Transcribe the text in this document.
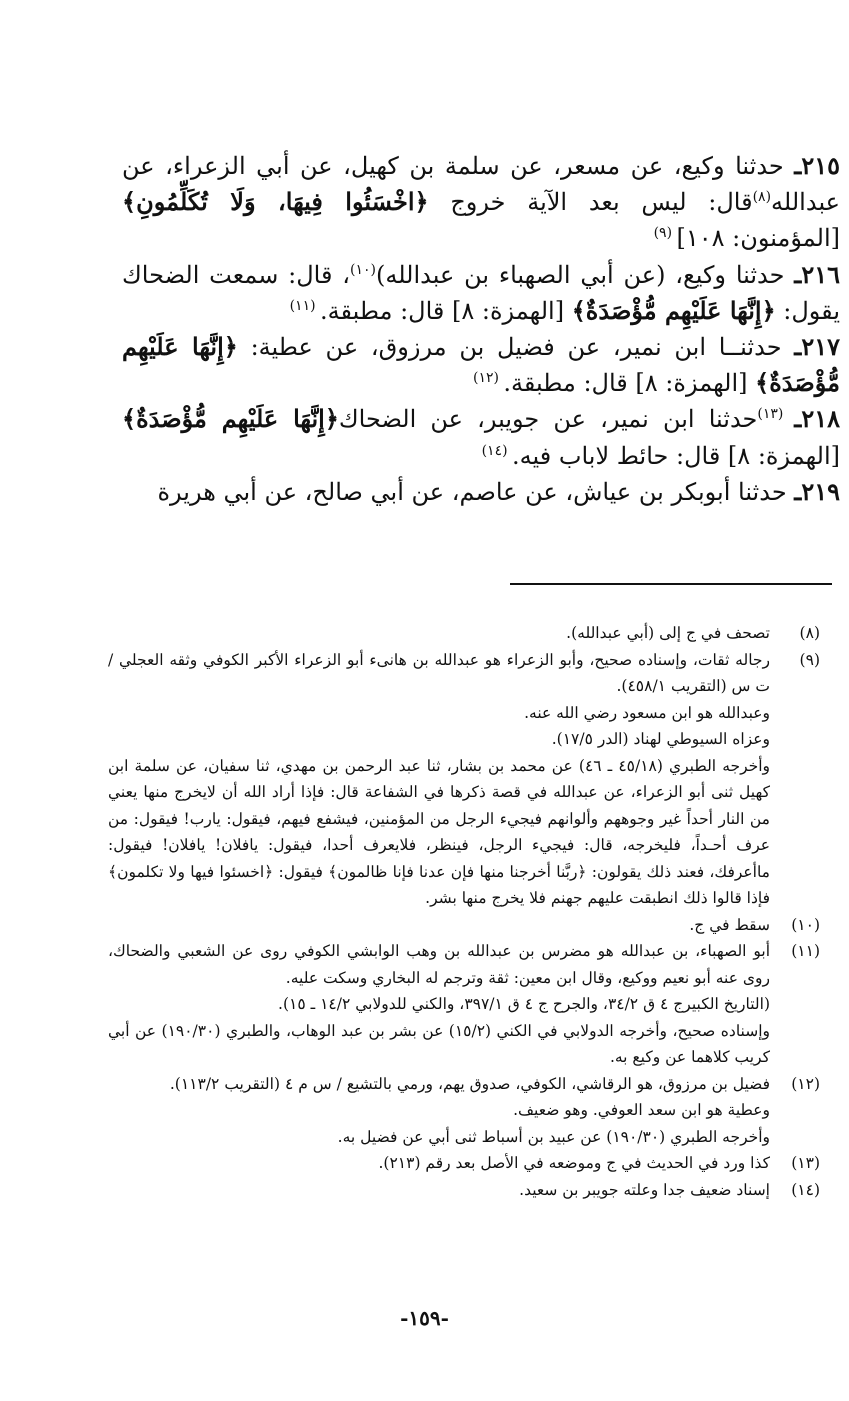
٢١٥ـ حدثنا وكيع، عن مسعر، عن سلمة بن كهيل، عن أبي الزعراء، عن عبدالله$^{(٨)}$قال: ليس بعد الآية خروج ﴿اخْسَئُوا فِيهَا، وَلَا تُكَلِّمُونِ﴾ [المؤمنون: ١٠٨] $^{(٩)}$

٢١٦ـ حدثنا وكيع، (عن أبي الصهباء بن عبدالله)$^{(١٠)}$، قال: سمعت الضحاك يقول: ﴿إِنَّهَا عَلَيْهِم مُّؤْصَدَةٌ﴾ [الهمزة: ٨] قال: مطبقة. $^{(١١)}$

٢١٧ـ حدثنــا ابن نمير، عن فضيل بن مرزوق، عن عطية: ﴿إِنَّهَا عَلَيْهِم مُّؤْصَدَةٌ﴾ [الهمزة: ٨] قال: مطبقة. $^{(١٢)}$

٢١٨ـ $^{(١٣)}$حدثنا ابن نمير، عن جويبر، عن الضحاك﴿إِنَّهَا عَلَيْهِم مُّؤْصَدَةٌ﴾ [الهمزة: ٨] قال: حائط لاباب فيه. $^{(١٤)}$

٢١٩ـ حدثنا أبوبكر بن عياش، عن عاصم، عن أبي صالح، عن أبي هريرة

(٨)
تصحف في ج إلى (أبي عبدالله).
(٩)
رجاله ثقات، وإسناده صحيح، وأبو الزعراء هو عبدالله بن هانىء أبو الزعراء الأكبر الكوفي وثقه العجلي / ت س (التقريب ٤٥٨/١).
وعبدالله هو ابن مسعود رضي الله عنه.
وعزاه السيوطي لهناد (الدر ١٧/٥).
وأخرجه الطبري (٤٥/١٨ ـ ٤٦) عن محمد بن بشار، ثنا عبد الرحمن بن مهدي، ثنا سفيان، عن سلمة ابن كهيل ثنى أبو الزعراء، عن عبدالله في قصة ذكرها في الشفاعة قال: فإذا أراد الله أن لايخرج منها يعني من النار أحداً غير وجوههم وألوانهم فيجيء الرجل من المؤمنين، فيشفع فيهم، فيقول: يارب! فيقول: من عرف أحـداً، فليخرجه، قال: فيجيء الرجل، فينظر، فلايعرف أحدا، فيقول: يافلان! يافلان! فيقول: ماأعرفك، فعند ذلك يقولون: ﴿ربَّنا أخرجنا منها فإن عدنا فإنا ظالمون﴾ فيقول: ﴿اخسئوا فيها ولا تكلمون﴾ فإذا قالوا ذلك انطبقت عليهم جهنم فلا يخرج منها بشر.
(١٠)
سقط في ج.
(١١)
أبو الصهباء، بن عبدالله هو مضرس بن عبدالله بن وهب الوابشي الكوفي روى عن الشعبي والضحاك، روى عنه أبو نعيم ووكيع، وقال ابن معين: ثقة وترجم له البخاري وسكت عليه.
(التاريخ الكبيرج ٤ ق ٣٤/٢، والجرح ج ٤ ق ٣٩٧/١، والكني للدولابي ١٤/٢ ـ ١٥).
وإسناده صحيح، وأخرجه الدولابي في الكني (١٥/٢) عن بشر بن عبد الوهاب، والطبري (١٩٠/٣٠) عن أبي كريب كلاهما عن وكيع به.
(١٢)
فضيل بن مرزوق، هو الرقاشي، الكوفي، صدوق يهم، ورمي بالتشيع / س م ٤ (التقريب ١١٣/٢).
وعطية هو ابن سعد العوفي. وهو ضعيف.
وأخرجه الطبري (١٩٠/٣٠) عن عبيد بن أسباط ثنى أبي عن فضيل به.
(١٣)
كذا ورد في الحديث في ج وموضعه في الأصل بعد رقم (٢١٣).
(١٤)
إسناد ضعيف جدا وعلته جويبر بن سعيد.
-١٥٩-
